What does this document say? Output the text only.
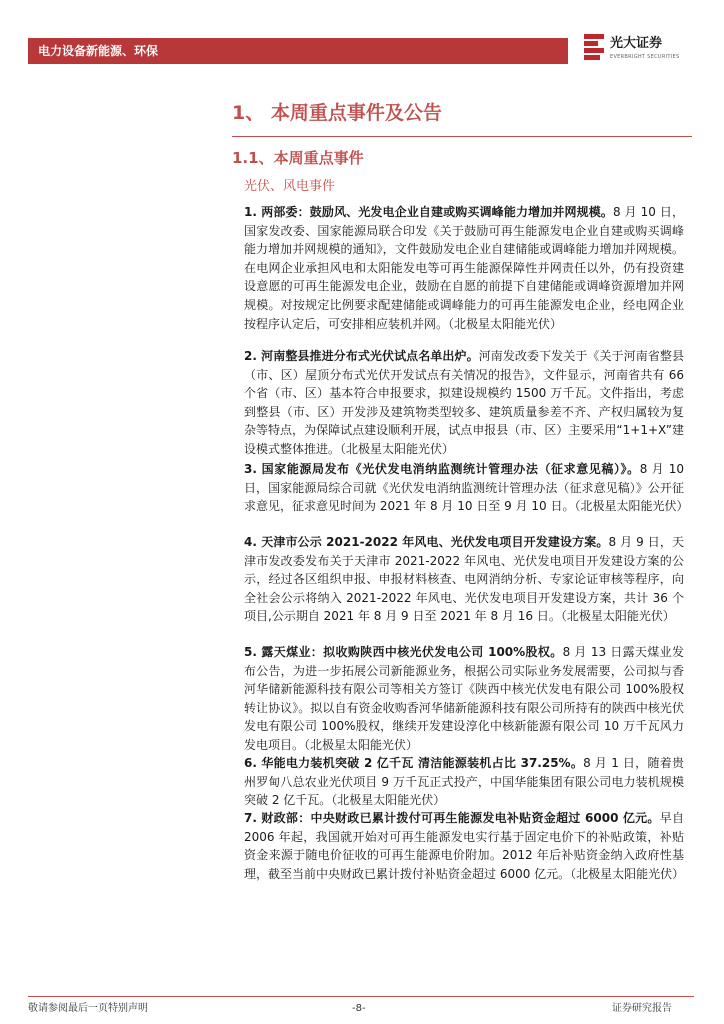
电力设备新能源、环保	光大证券
EVERBRIGHT SECURITIES
1、 本周重点事件及公告
1.1、本周重点事件
光伏、风电事件
1. 两部委：鼓励风、光发电企业自建或购买调峰能力增加并网规模。8 月 10 日，国家发改委、国家能源局联合印发《关于鼓励可再生能源发电企业自建或购买调峰能力增加并网规模的通知》，文件鼓励发电企业自建储能或调峰能力增加并网规模。在电网企业承担风电和太阳能发电等可再生能源保障性并网责任以外，仍有投资建设意愿的可再生能源发电企业，鼓励在自愿的前提下自建储能或调峰资源增加并网规模。对按规定比例要求配建储能或调峰能力的可再生能源发电企业，经电网企业按程序认定后，可安排相应装机并网。（北极星太阳能光伏）
2. 河南整县推进分布式光伏试点名单出炉。河南发改委下发关于《关于河南省整县（市、区）屋顶分布式光伏开发试点有关情况的报告》，文件显示，河南省共有 66 个省（市、区）基本符合申报要求，拟建设规模约 1500 万千瓦。文件指出，考虑到整县（市、区）开发涉及建筑物类型较多、建筑质量参差不齐、产权归属较为复杂等特点，为保障试点建设顺利开展，试点申报县（市、区）主要采用“1+1+X”建设模式整体推进。（北极星太阳能光伏）
3. 国家能源局发布《光伏发电消纳监测统计管理办法（征求意见稿）》。8 月 10 日，国家能源局综合司就《光伏发电消纳监测统计管理办法（征求意见稿）》公开征求意见，征求意见时间为 2021 年 8 月 10 日至 9 月 10 日。（北极星太阳能光伏）
4. 天津市公示 2021-2022 年风电、光伏发电项目开发建设方案。8 月 9 日，天津市发改委发布关于天津市 2021-2022 年风电、光伏发电项目开发建设方案的公示，经过各区组织申报、申报材料核查、电网消纳分析、专家论证审核等程序，向全社会公示将纳入 2021-2022 年风电、光伏发电项目开发建设方案，共计 36 个项目,公示期自 2021 年 8 月 9 日至 2021 年 8 月 16 日。（北极星太阳能光伏）
5. 露天煤业：拟收购陕西中核光伏发电公司 100%股权。8 月 13 日露天煤业发布公告，为进一步拓展公司新能源业务，根据公司实际业务发展需要，公司拟与香河华储新能源科技有限公司等相关方签订《陕西中核光伏发电有限公司 100%股权转让协议》。拟以自有资金收购香河华储新能源科技有限公司所持有的陕西中核光伏发电有限公司 100%股权，继续开发建设淳化中核新能源有限公司 10 万千瓦风力发电项目。（北极星太阳能光伏）
6. 华能电力装机突破 2 亿千瓦 清洁能源装机占比 37.25%。8 月 1 日，随着贵州罗甸八总农业光伏项目 9 万千瓦正式投产，中国华能集团有限公司电力装机规模突破 2 亿千瓦。（北极星太阳能光伏）
7. 财政部：中央财政已累计拨付可再生能源发电补贴资金超过 6000 亿元。早自 2006 年起，我国就开始对可再生能源发电实行基于固定电价下的补贴政策，补贴资金来源于随电价征收的可再生能源电价附加。2012 年后补贴资金纳入政府性基理，截至当前中央财政已累计拨付补贴资金超过 6000 亿元。（北极星太阳能光伏）
敬请参阅最后一页特别声明	-8-	证券研究报告
